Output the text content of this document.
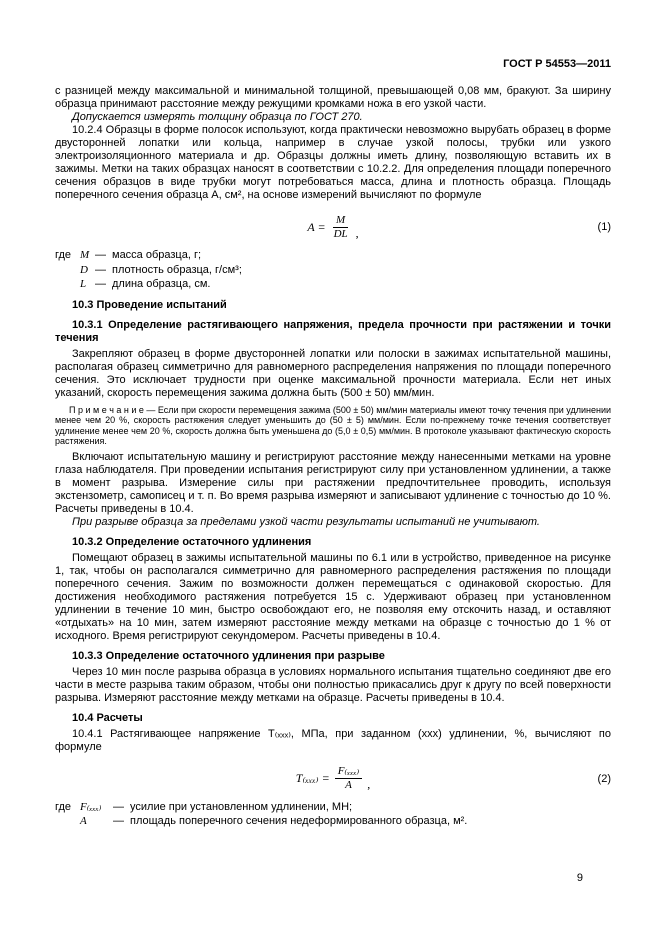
ГОСТ Р 54553—2011

с разницей между максимальной и минимальной толщиной, превышающей 0,08 мм, бракуют. За ширину образца принимают расстояние между режущими кромками ножа в его узкой части.

Допускается измерять толщину образца по ГОСТ 270.

10.2.4 Образцы в форме полосок используют, когда практически невозможно вырубать образец в форме двусторонней лопатки или кольца, например в случае узкой полосы, трубки или узкого электроизоляционного материала и др. Образцы должны иметь длину, позволяющую вставить их в зажимы. Метки на таких образцах наносят в соответствии с 10.2.2. Для определения площади поперечного сечения образцов в виде трубки могут потребоваться масса, длина и плотность образца. Площадь поперечного сечения образца A, см², на основе измерений вычисляют по формуле

$A = \frac{M}{DL}$ ,	(1)
где M — масса образца, г;
D — плотность образца, г/см³;
L — длина образца, см.

10.3 Проведение испытаний

10.3.1 Определение растягивающего напряжения, предела прочности при растяжении и точки течения

Закрепляют образец в форме двусторонней лопатки или полоски в зажимах испытательной машины, располагая образец симметрично для равномерного распределения напряжения по площади поперечного сечения. Это исключает трудности при оценке максимальной прочности материала. Если нет иных указаний, скорость перемещения зажима должна быть (500 ± 50) мм/мин.

П р и м е ч а н и е — Если при скорости перемещения зажима (500 ± 50) мм/мин материалы имеют точку течения при удлинении менее чем 20 %, скорость растяжения следует уменьшить до (50 ± 5) мм/мин. Если по-прежнему точке течения соответствует удлинение менее чем 20 %, скорость должна быть уменьшена до (5,0 ± 0,5) мм/мин. В протоколе указывают фактическую скорость растяжения.

Включают испытательную машину и регистрируют расстояние между нанесенными метками на уровне глаза наблюдателя. При проведении испытания регистрируют силу при установленном удлинении, а также в момент разрыва. Измерение силы при растяжении предпочтительнее проводить, используя экстензометр, самописец и т. п. Во время разрыва измеряют и записывают удлинение с точностью до 10 %. Расчеты приведены в 10.4.

При разрыве образца за пределами узкой части результаты испытаний не учитывают.

10.3.2 Определение остаточного удлинения

Помещают образец в зажимы испытательной машины по 6.1 или в устройство, приведенное на рисунке 1, так, чтобы он располагался симметрично для равномерного распределения растяжения по площади поперечного сечения. Зажим по возможности должен перемещаться с одинаковой скоростью. Для достижения необходимого растяжения потребуется 15 с. Удерживают образец при установленном удлинении в течение 10 мин, быстро освобождают его, не позволяя ему отскочить назад, и оставляют «отдыхать» на 10 мин, затем измеряют расстояние между метками на образце с точностью до 1 % от исходного. Время регистрируют секундомером. Расчеты приведены в 10.4.

10.3.3 Определение остаточного удлинения при разрыве

Через 10 мин после разрыва образца в условиях нормального испытания тщательно соединяют две его части в месте разрыва таким образом, чтобы они полностью прикасались друг к другу по всей поверхности разрыва. Измеряют расстояние между метками на образце. Расчеты приведены в 10.4.

10.4 Расчеты

10.4.1 Растягивающее напряжение T₍ₓₓₓ₎, МПа, при заданном (xxx) удлинении, %, вычисляют по формуле

$T_{(xxx)} = \frac{\text{F₍ₓₓₓ₎}}{A}$ ,	(2)
где F₍ₓₓₓ₎	— усилие при установленном удлинении, МН;
A	— площадь поперечного сечения недеформированного образца, м².
9
